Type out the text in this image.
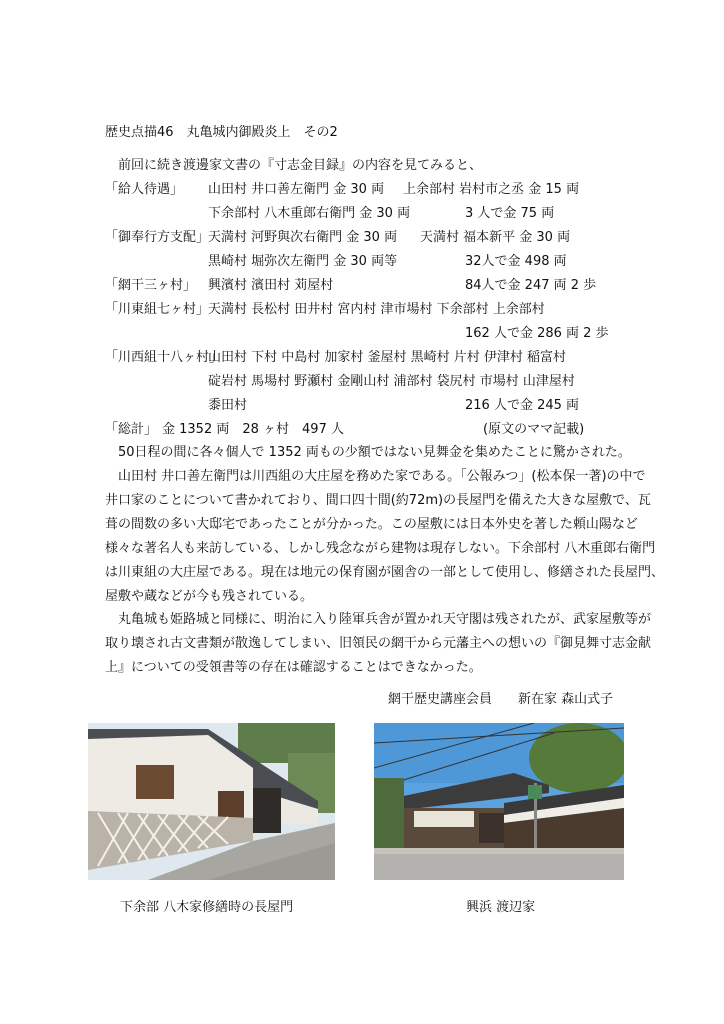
歴史点描46　丸亀城内御殿炎上　その2
前回に続き渡邊家文書の『寸志金目録』の内容を見てみると、
「給人待遇」 山田村 井口善左衛門 金 30 両 上余部村 岩村市之丞 金 15 両
下余部村 八木重郎右衛門 金 30 両	3 人で金 75 両
「御奉行方支配」
天満村 河野與次右衛門 金 30 両 天満村 福本新平 金 30 両
黒崎村 堀弥次左衛門 金 30 両等	32人で金 498 両
「網干三ヶ村」 興濱村 濱田村 苅屋村	84人で金 247 両 2 歩
「川東組七ヶ村」
天満村 長松村 田井村 宮内村 津市場村 下余部村 上余部村
162 人で金 286 両 2 歩
「川西組十八ヶ村」
山田村 下村 中島村 加家村 釜屋村 黒崎村 片村 伊津村 稲富村
碇岩村 馬場村 野瀬村 金剛山村 浦部村 袋尻村 市場村 山津屋村
黍田村	216 人で金 245 両
「総計」 金 1352 両　28 ヶ村　497 人	(原文のママ記載)
50日程の間に各々個人で 1352 両もの少額ではない見舞金を集めたことに驚かされた。
山田村 井口善左衛門は川西組の大庄屋を務めた家である。「公報みつ」(松本保一著)の中で
井口家のことについて書かれており、間口四十間(約72m)の長屋門を備えた大きな屋敷で、瓦
葺の間数の多い大邸宅であったことが分かった。この屋敷には日本外史を著した頼山陽など
様々な著名人も来訪している、しかし残念ながら建物は現存しない。下余部村 八木重郎右衛門
は川東組の大庄屋である。現在は地元の保育園が園舎の一部として使用し、修繕された長屋門、
屋敷や蔵などが今も残されている。
丸亀城も姫路城と同様に、明治に入り陸軍兵舎が置かれ天守閣は残されたが、武家屋敷等が
取り壊され古文書類が散逸してしまい、旧領民の網干から元藩主への想いの『御見舞寸志金献
上』についての受領書等の存在は確認することはできなかった。
網干歴史講座会員　　新在家 森山式子
下余部 八木家修繕時の長屋門	興浜 渡辺家
